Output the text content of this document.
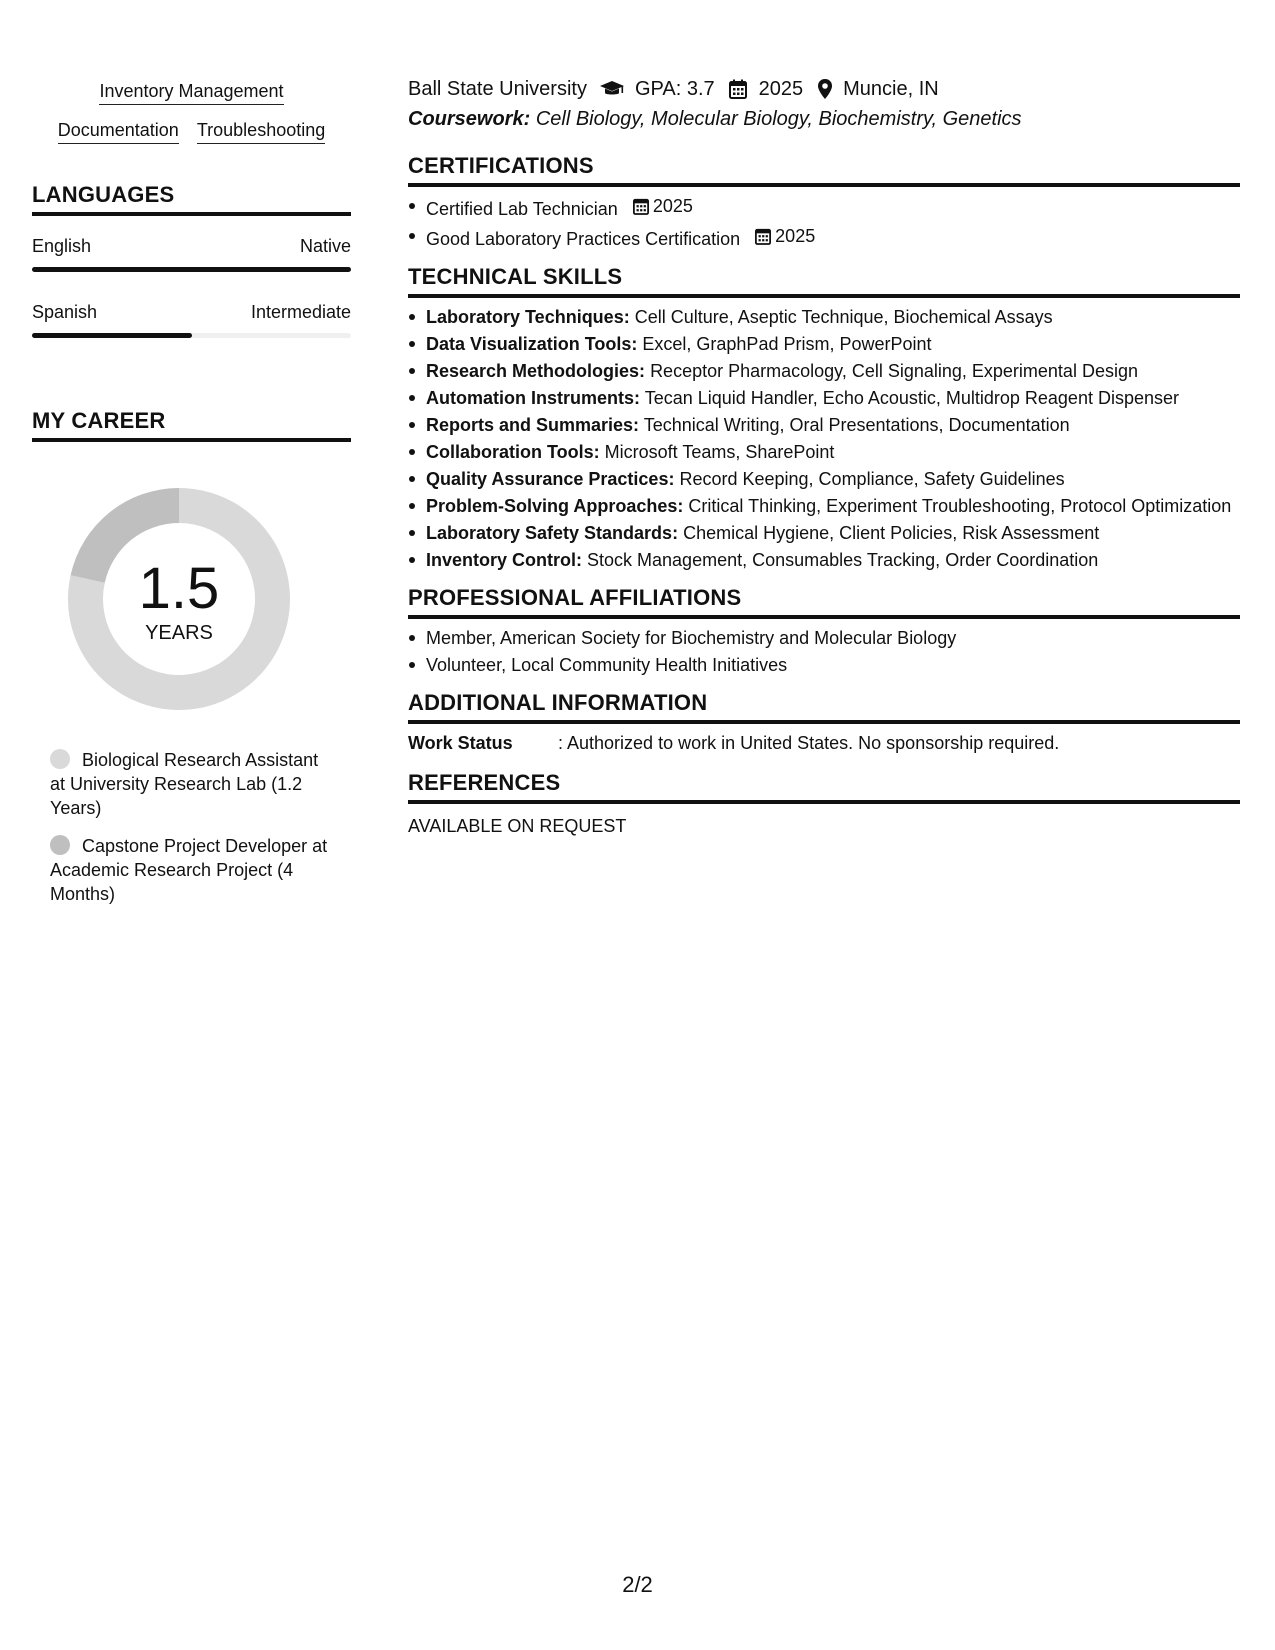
Inventory Management
Documentation Troubleshooting
LANGUAGES
English	Native
Spanish	Intermediate
MY CAREER
1.5
YEARS
Biological Research Assistant at University Research Lab (1.2 Years)
Capstone Project Developer at Academic Research Project (4 Months)
Ball State University GPA: 3.7 2025 Muncie, IN
Coursework: Cell Biology, Molecular Biology, Biochemistry, Genetics
CERTIFICATIONS
Certified Lab Technician 2025
Good Laboratory Practices Certification 2025
TECHNICAL SKILLS
Laboratory Techniques: Cell Culture, Aseptic Technique, Biochemical Assays
Data Visualization Tools: Excel, GraphPad Prism, PowerPoint
Research Methodologies: Receptor Pharmacology, Cell Signaling, Experimental Design
Automation Instruments: Tecan Liquid Handler, Echo Acoustic, Multidrop Reagent Dispenser
Reports and Summaries: Technical Writing, Oral Presentations, Documentation
Collaboration Tools: Microsoft Teams, SharePoint
Quality Assurance Practices: Record Keeping, Compliance, Safety Guidelines
Problem-Solving Approaches: Critical Thinking, Experiment Troubleshooting, Protocol Optimization
Laboratory Safety Standards: Chemical Hygiene, Client Policies, Risk Assessment
Inventory Control: Stock Management, Consumables Tracking, Order Coordination
PROFESSIONAL AFFILIATIONS
Member, American Society for Biochemistry and Molecular Biology
Volunteer, Local Community Health Initiatives
ADDITIONAL INFORMATION
Work Status	: Authorized to work in United States. No sponsorship required.
REFERENCES
AVAILABLE ON REQUEST
2/2
